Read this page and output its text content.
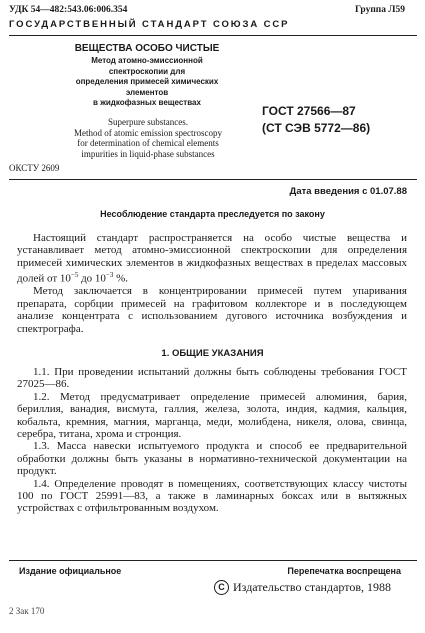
УДК 54—482:543.06:006.354	Группа Л59
ГОСУДАРСТВЕННЫЙ СТАНДАРТ СОЮЗА ССР
ВЕЩЕСТВА ОСОБО ЧИСТЫЕ
Метод атомно-эмиссионной спектроскопии для
определения примесей химических элементов
в жидкофазных веществах
Superpure substances.
Method of atomic emission spectroscopy
for determination of chemical elements
impurities in liquid-phase substances
ГОСТ 27566—87
(СТ СЭВ 5772—86)
ОКСТУ 2609
Дата введения с 01.07.88
Несоблюдение стандарта преследуется по закону

Настоящий стандарт распространяется на особо чистые вещества и устанавливает метод атомно-эмиссионной спектроскопии для определения примесей химических элементов в жидкофазных веществах в пределах массовых долей от $10^{-5}$ до $10^{-3}$ %.

Метод заключается в концентрировании примесей путем упаривания препарата, сорбции примесей на графитовом коллекторе и в последующем анализе концентрата с использованием дугового источника возбуждения и спектрографа.

1. ОБЩИЕ УКАЗАНИЯ

1.1. При проведении испытаний должны быть соблюдены требования ГОСТ 27025—86.

1.2. Метод предусматривает определение примесей алюминия, бария, бериллия, ванадия, висмута, галлия, железа, золота, индия, кадмия, кальция, кобальта, кремния, магния, марганца, меди, молибдена, никеля, олова, свинца, серебра, титана, хрома и стронция.

1.3. Масса навески испытуемого продукта и способ ее предварительной обработки должны быть указаны в нормативно-технической документации на продукт.

1.4. Определение проводят в помещениях, соответствующих классу чистоты 100 по ГОСТ 25991—83, а также в ламинарных боксах или в вытяжных устройствах с отфильтрованным воздухом.

Издание официальное	Перепечатка воспрещена
C Издательство стандартов, 1988
2 Зак 170
